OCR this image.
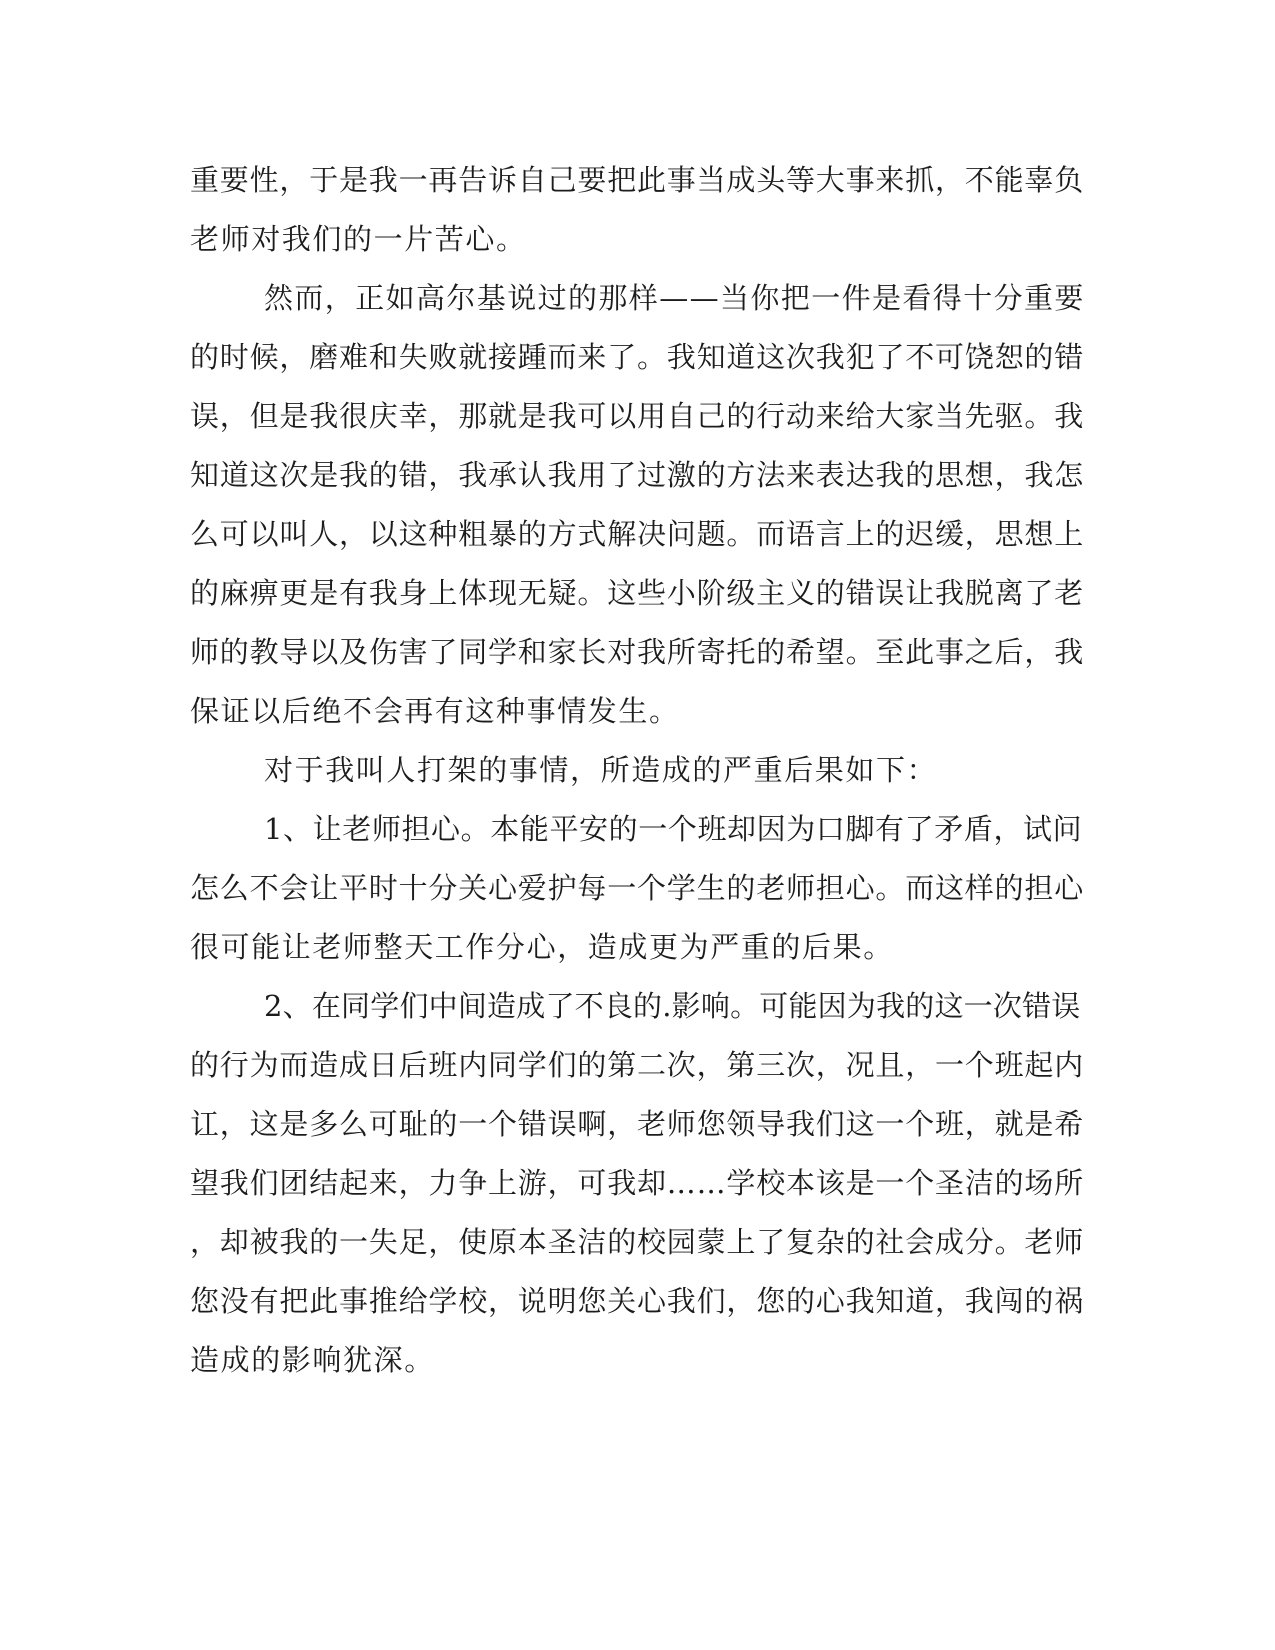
重要性，于是我一再告诉自己要把此事当成头等大事来抓，不能辜负
老师对我们的一片苦心。
然而，正如高尔基说过的那样——当你把一件是看得十分重要
的时候，磨难和失败就接踵而来了。我知道这次我犯了不可饶恕的错
误，但是我很庆幸，那就是我可以用自己的行动来给大家当先驱。我
知道这次是我的错，我承认我用了过激的方法来表达我的思想，我怎
么可以叫人，以这种粗暴的方式解决问题。而语言上的迟缓，思想上
的麻痹更是有我身上体现无疑。这些小阶级主义的错误让我脱离了老
师的教导以及伤害了同学和家长对我所寄托的希望。至此事之后，我
保证以后绝不会再有这种事情发生。
对于我叫人打架的事情，所造成的严重后果如下：
1、让老师担心。本能平安的一个班却因为口脚有了矛盾，试问
怎么不会让平时十分关心爱护每一个学生的老师担心。而这样的担心
很可能让老师整天工作分心，造成更为严重的后果。
2、在同学们中间造成了不良的.影响。可能因为我的这一次错误
的行为而造成日后班内同学们的第二次，第三次，况且，一个班起内
讧，这是多么可耻的一个错误啊，老师您领导我们这一个班，就是希
望我们团结起来，力争上游，可我却……学校本该是一个圣洁的场所
，却被我的一失足，使原本圣洁的校园蒙上了复杂的社会成分。老师
您没有把此事推给学校，说明您关心我们，您的心我知道，我闯的祸
造成的影响犹深。
